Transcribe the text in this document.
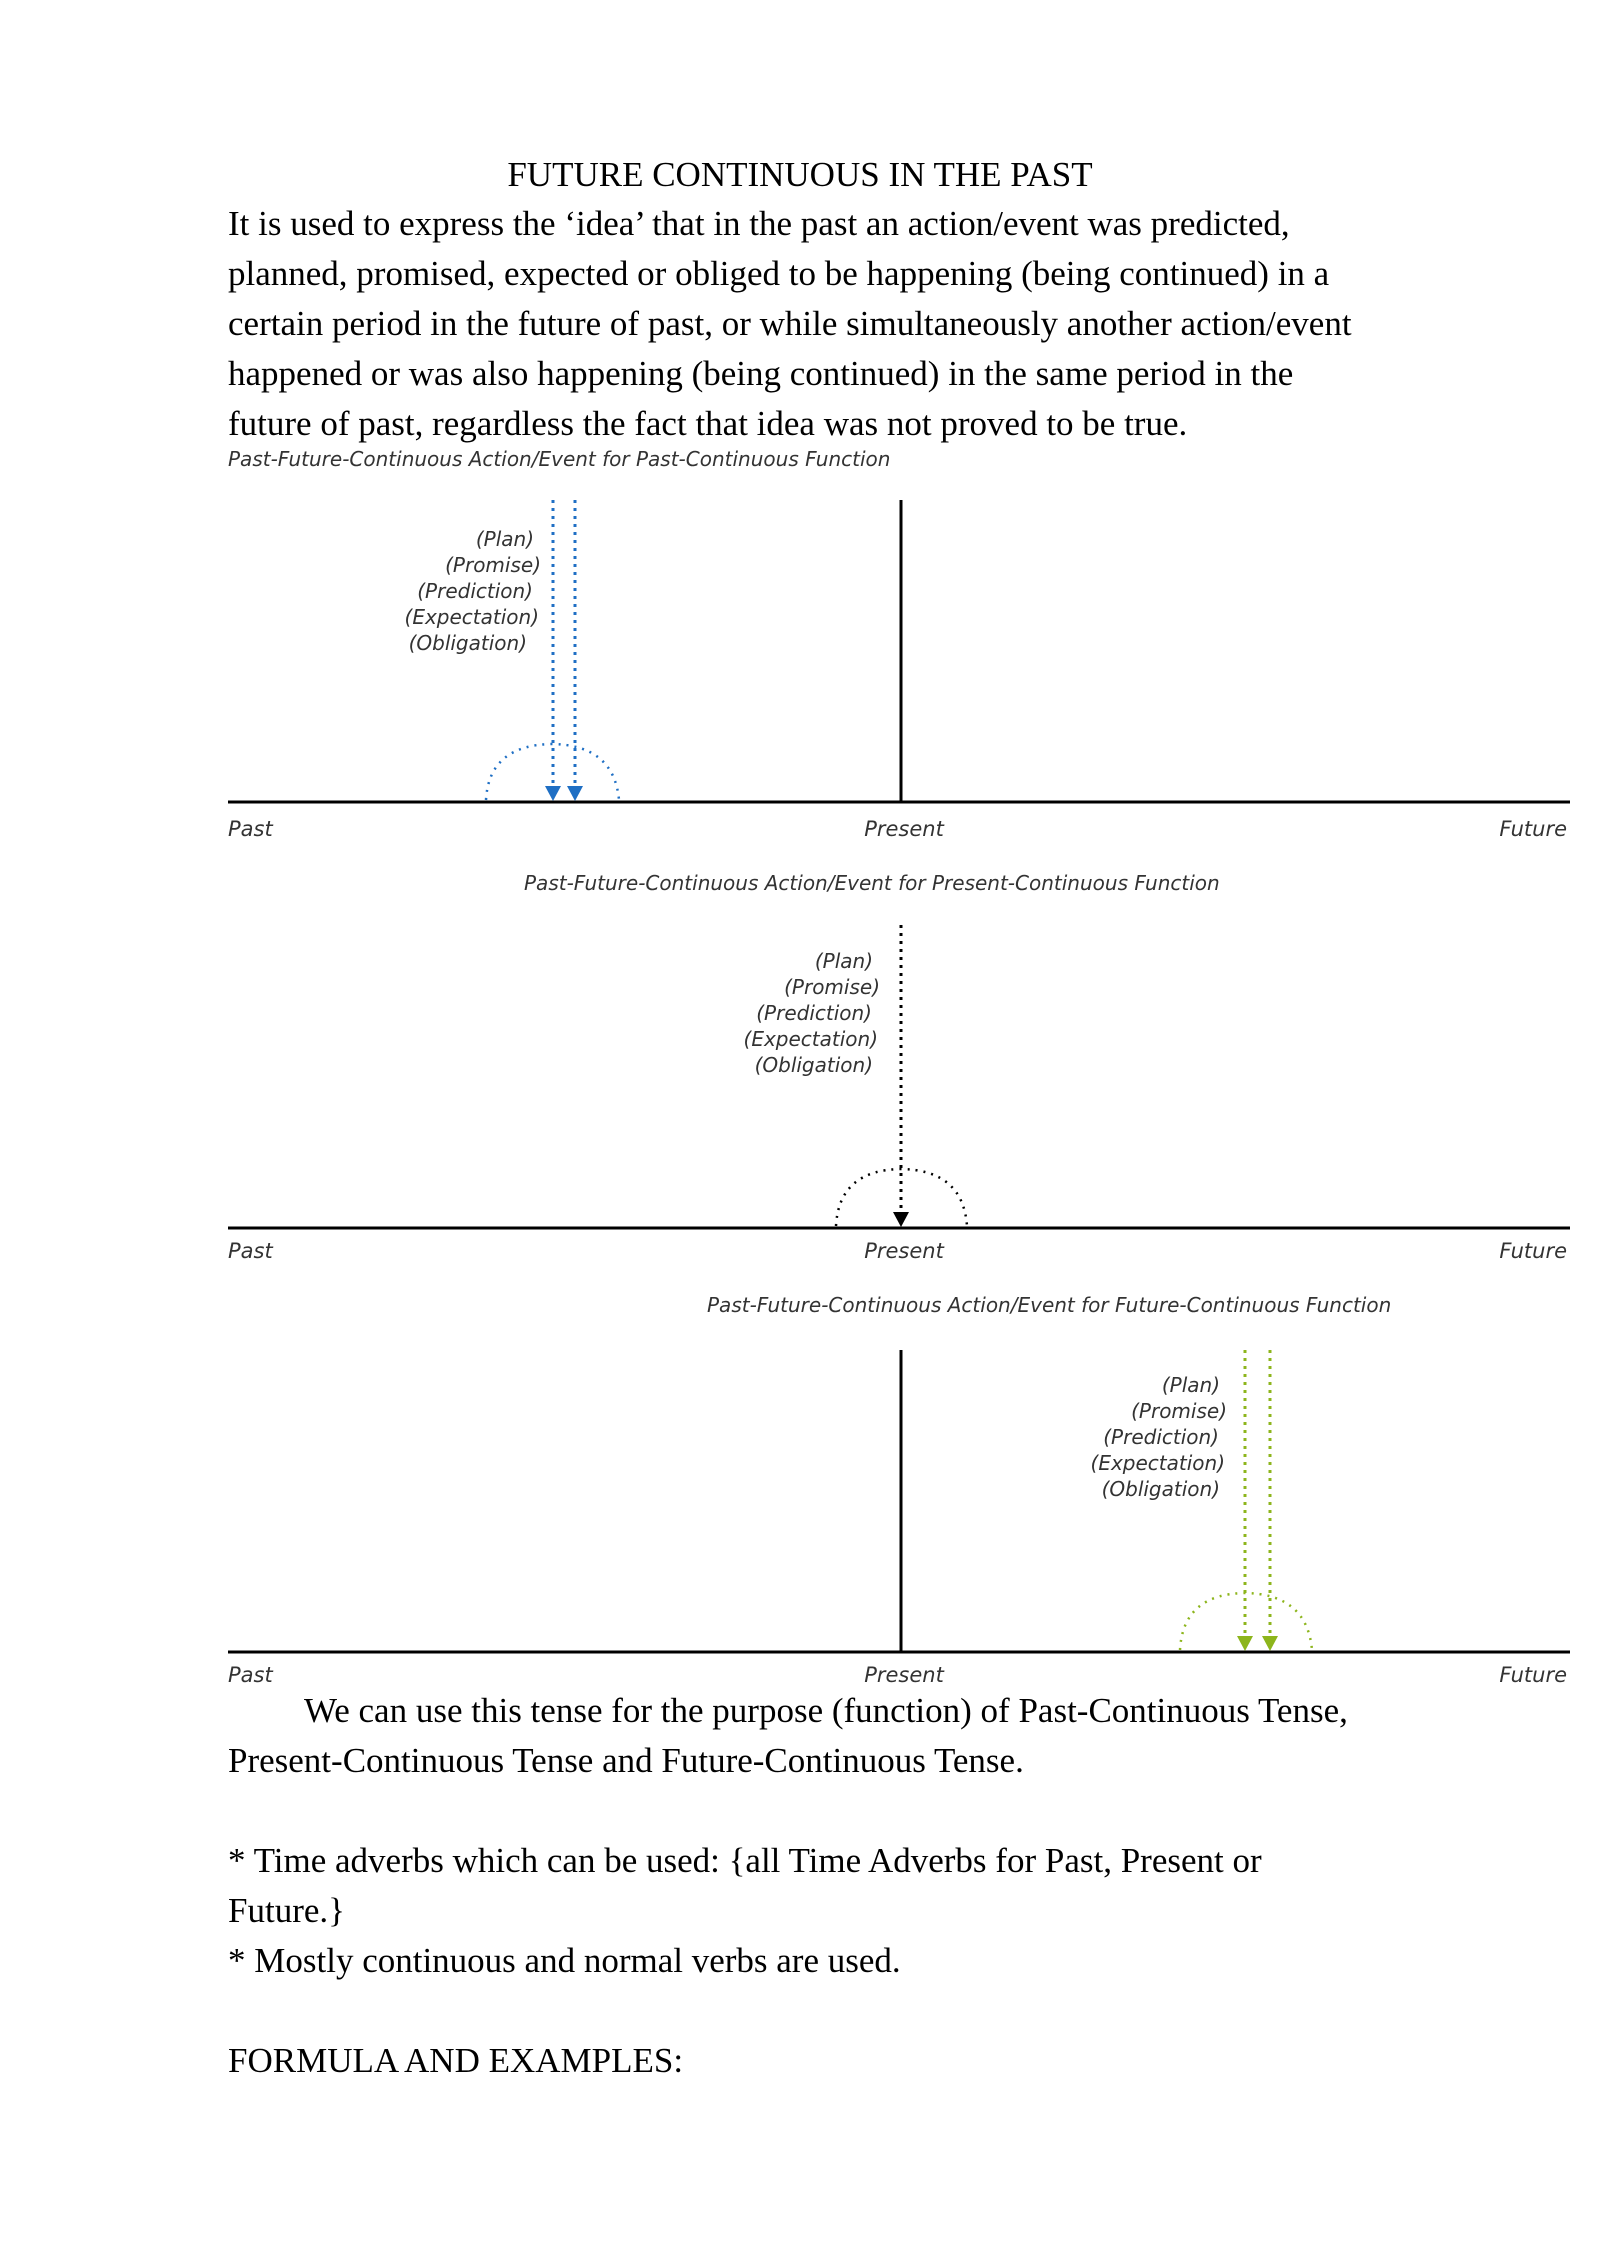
FUTURE CONTINUOUS IN THE PAST
It is used to express the ‘idea’ that in the past an action/event was predicted,
planned, promised, expected or obliged to be happening (being continued) in a
certain period in the future of past, or while simultaneously another action/event
happened or was also happening (being continued) in the same period in the
future of past, regardless the fact that idea was not proved to be true.
Past-Future-Continuous Action/Event for Past-Continuous Function
(Plan)
(Promise)
(Prediction)
(Expectation)
(Obligation)
Past	Present	Future
Past-Future-Continuous Action/Event for Present-Continuous Function
(Plan)
(Promise)
(Prediction)
(Expectation)
(Obligation)
Past	Present	Future
Past-Future-Continuous Action/Event for Future-Continuous Function
(Plan)
(Promise)
(Prediction)
(Expectation)
(Obligation)
Past	Present	Future
We can use this tense for the purpose (function) of Past-Continuous Tense,
Present-Continuous Tense and Future-Continuous Tense.
* Time adverbs which can be used: {all Time Adverbs for Past, Present or
Future.}
* Mostly continuous and normal verbs are used.
FORMULA AND EXAMPLES:
